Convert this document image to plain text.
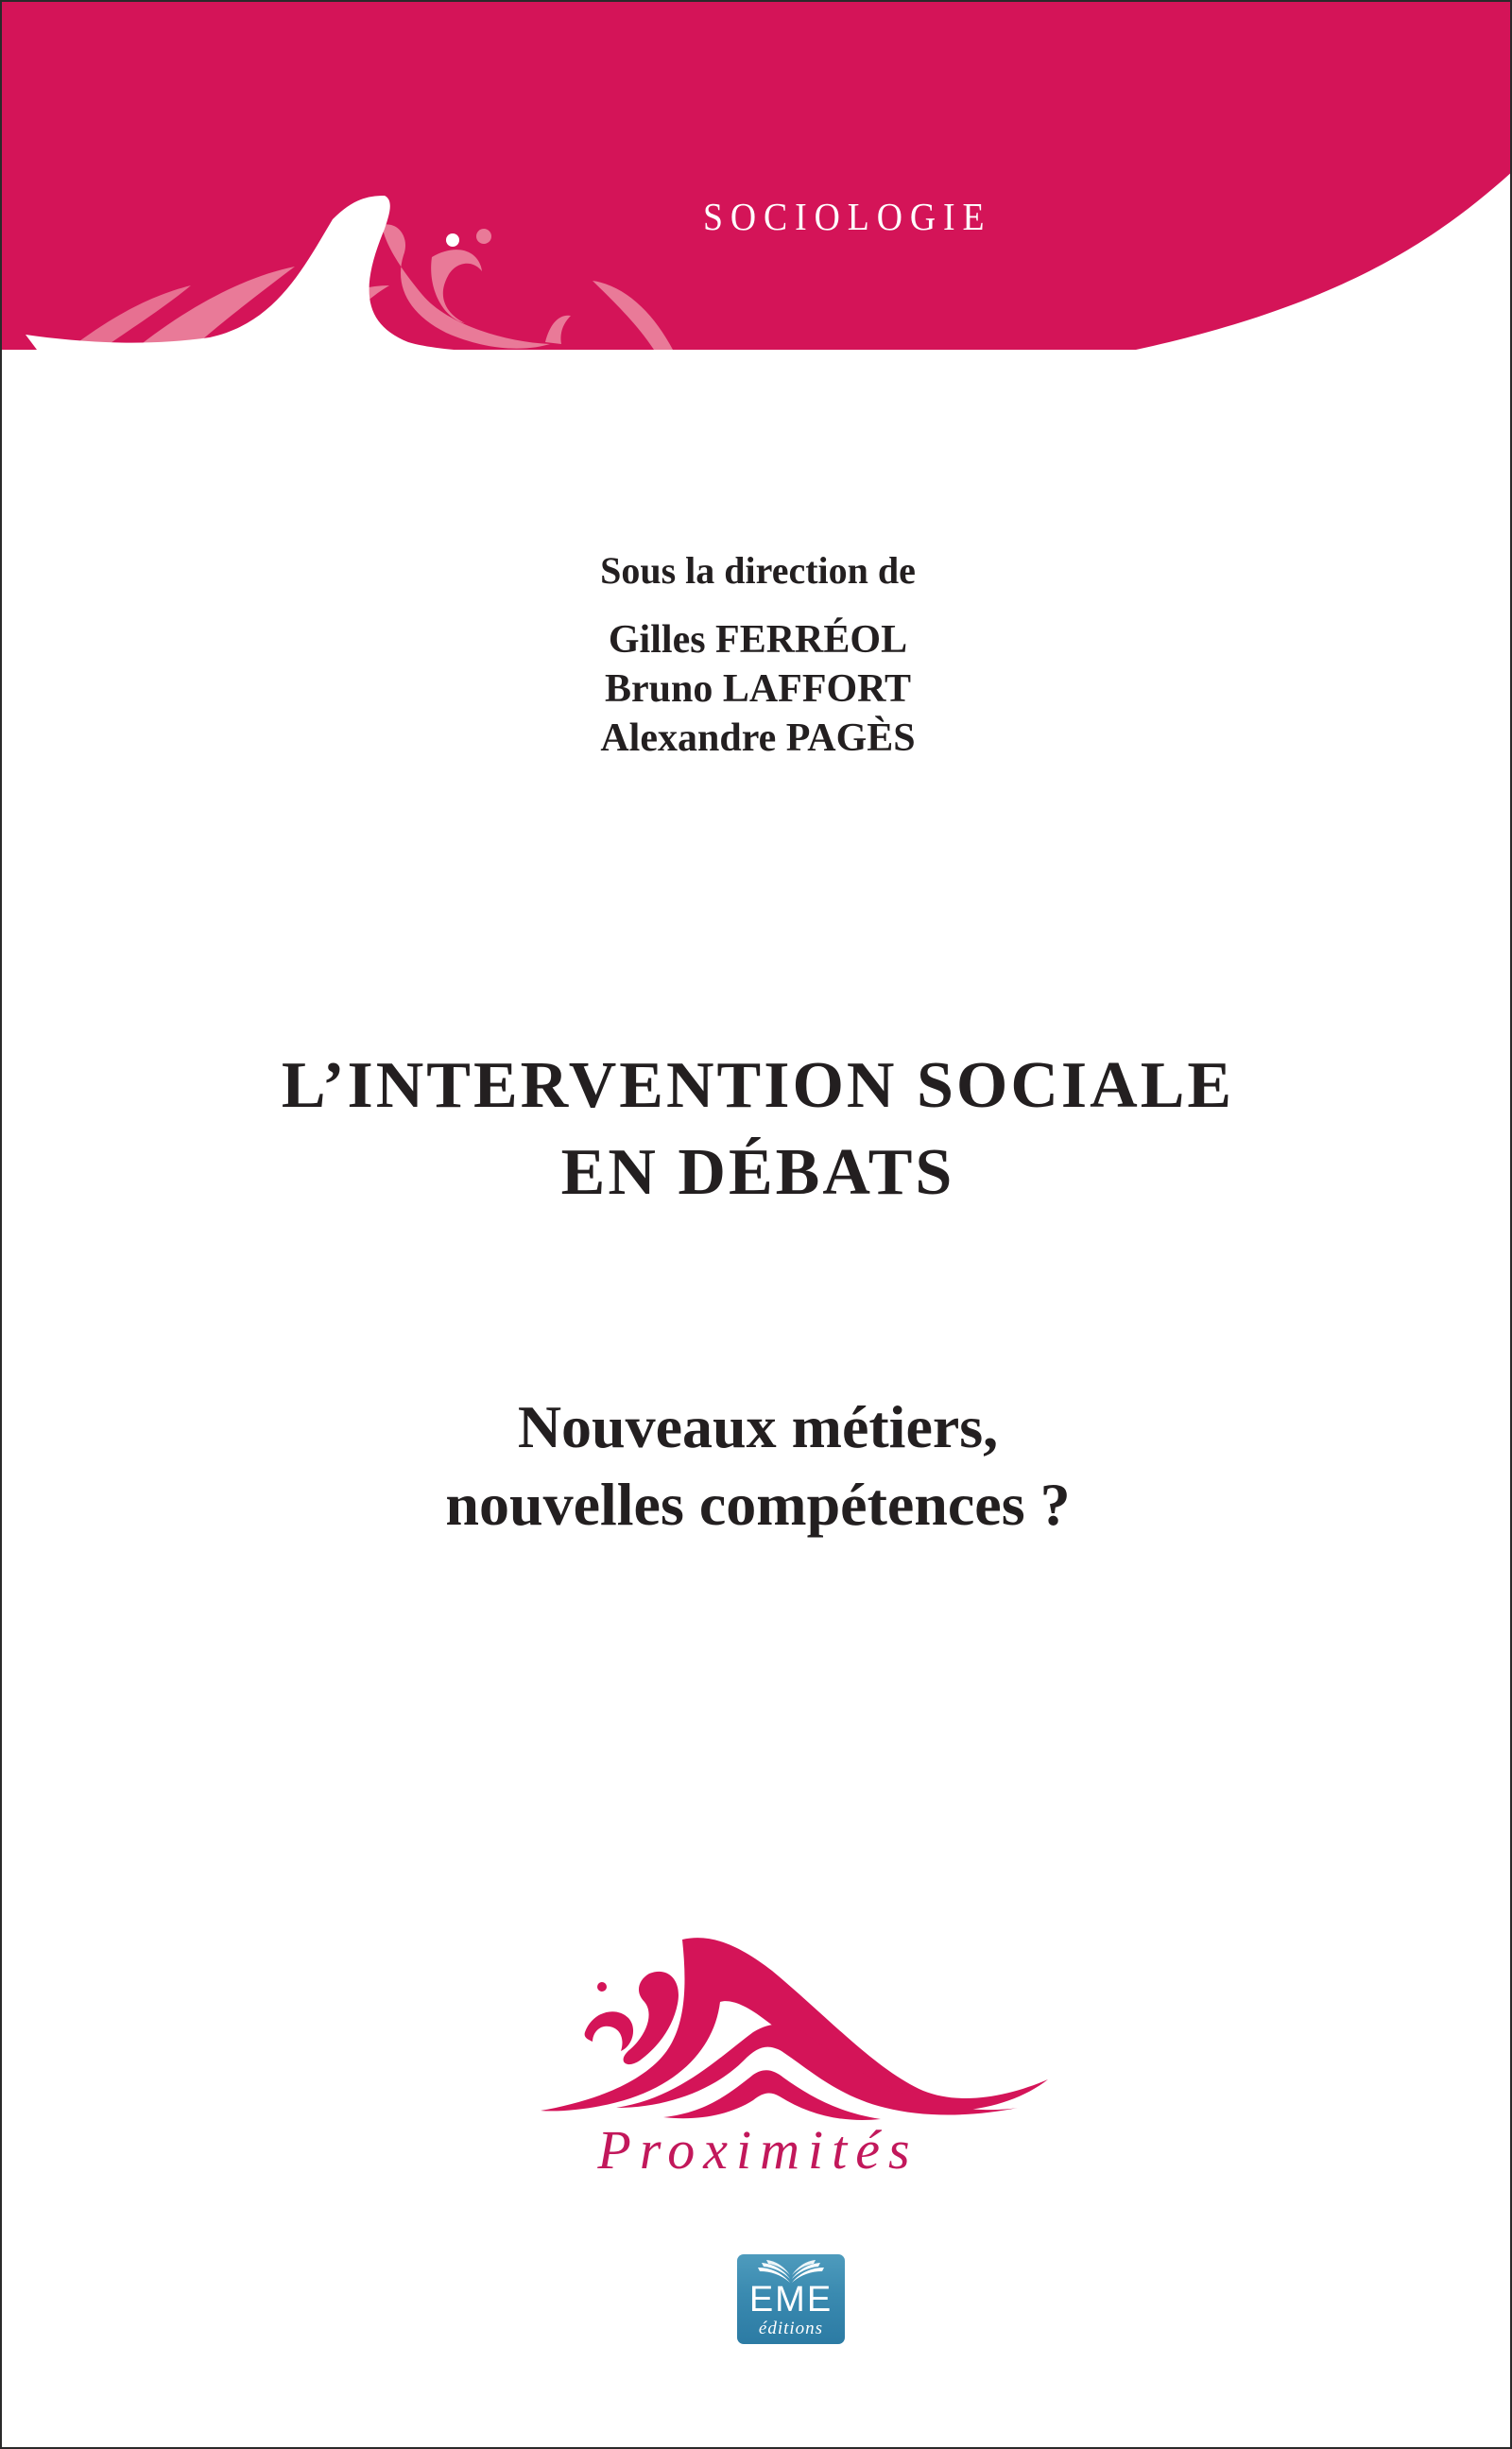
SOCIOLOGIE
Sous la direction de
Gilles FERRÉOL
Bruno LAFFORT
Alexandre PAGÈS
L’INTERVENTION SOCIALE
EN DÉBATS
Nouveaux métiers,
nouvelles compétences ?
Proximités
EME
éditions
